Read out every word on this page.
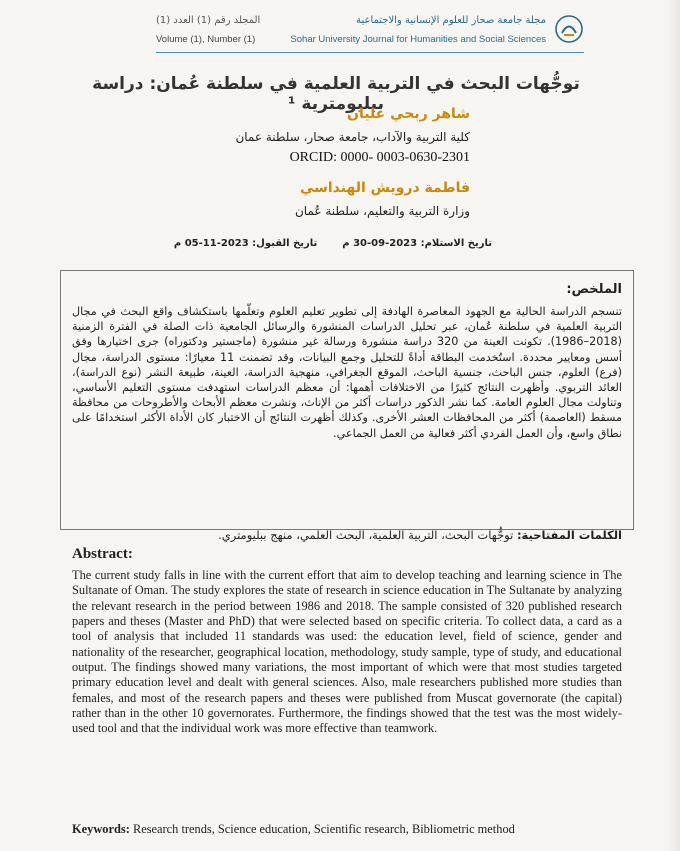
المجلد رقم (1) العدد (1)
Volume (1), Number (1)
مجلة جامعة صحار للعلوم الإنسانية والاجتماعية
Sohar University Journal for Humanities and Social Sciences
توجُّهات البحث في التربية العلمية في سلطنة عُمان: دراسة ببليومترية ¹
شاهر ربحي عليان
كلية التربية والآداب، جامعة صحار، سلطنة عمان
ORCID: 0000- 0003-0630-2301
فاطمة درويش الهنداسي
وزارة التربية والتعليم، سلطنة عُمان
تاريخ الاستلام: 2023-09-30 م  تاريخ القبول: 2023-11-05 م
الملخص:
تنسجم الدراسة الحالية مع الجهود المعاصرة الهادفة إلى تطوير تعليم العلوم وتعلّمها باستكشاف واقع البحث في مجال التربية العلمية في سلطنة عُمان، عبر تحليل الدراسات المنشورة والرسائل الجامعية ذات الصلة في الفترة الزمنية (2018–1986). تكونت العينة من 320 دراسة منشورة ورسالة غير منشورة (ماجستير ودكتوراه) جرى اختيارها وفق أسس ومعايير محددة. استُخدمت البطاقة أداةً للتحليل وجمع البيانات، وقد تضمنت 11 معيارًا: مستوى الدراسة، مجال (فرع) العلوم، جنس الباحث، جنسية الباحث، الموقع الجغرافي، منهجية الدراسة، العينة، طبيعة النشر (نوع الدراسة)، العائد التربوي. وأظهرت النتائج كثيرًا من الاختلافات أهمها: أن معظم الدراسات استهدفت مستوى التعليم الأساسي، وتناولت مجال العلوم العامة. كما نشر الذكور دراسات أكثر من الإناث، ونشرت معظم الأبحاث والأطروحات من محافظة مسقط (العاصمة) أكثر من المحافظات العشر الأخرى. وكذلك أظهرت النتائج أن الاختبار كان الأداة الأكثر استخدامًا على نطاق واسع، وأن العمل الفردي أكثر فعالية من العمل الجماعي.
الكلمات المفتاحية: توجُّهات البحث، التربية العلمية، البحث العلمي، منهج ببليومتري.
Abstract:
The current study falls in line with the current effort that aim to develop teaching and learning science in The Sultanate of Oman. The study explores the state of research in science education in The Sultanate by analyzing the relevant research in the period between 1986 and 2018. The sample consisted of 320 published research papers and theses (Master and PhD) that were selected based on specific criteria. To collect data, a card as a tool of analysis that included 11 standards was used: the education level, field of science, gender and nationality of the researcher, geographical location, methodology, study sample, type of study, and educational output. The findings showed many variations, the most important of which were that most studies targeted primary education level and dealt with general sciences. Also, male researchers published more studies than females, and most of the research papers and theses were published from Muscat governorate (the capital) rather than in the other 10 governorates. Furthermore, the findings showed that the test was the most widely-used tool and that the individual work was more effective than teamwork.
Keywords: Research trends, Science education, Scientific research, Bibliometric method
